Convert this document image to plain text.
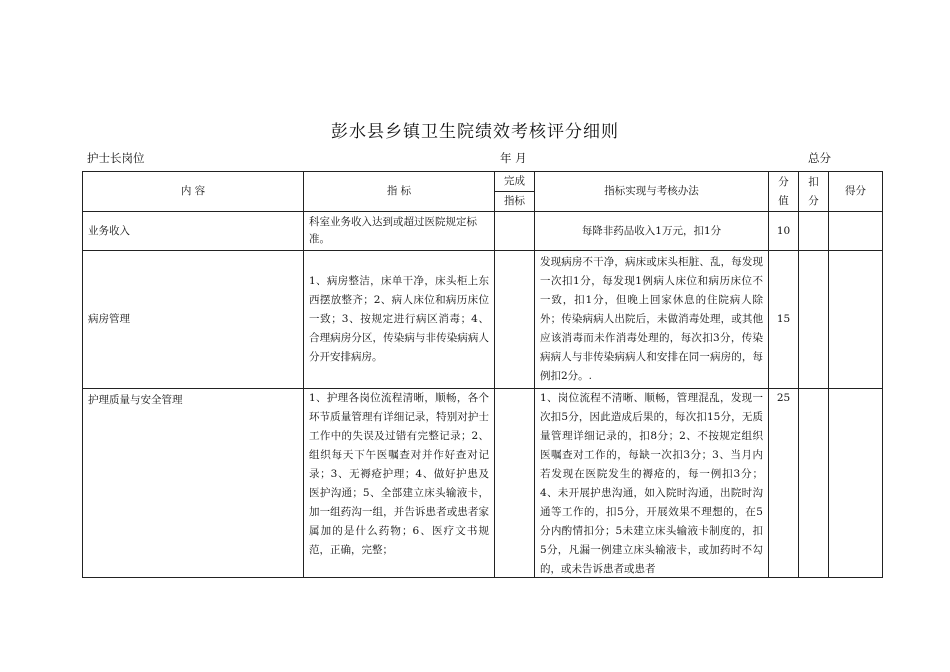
彭水县乡镇卫生院绩效考核评分细则
护士长岗位	年 月	总分
内 容	指 标	完成	指标实现与考核办法	分值	扣分	得分
		指标				
业务收入	科室业务收入达到或超过医院规定标准。		每降非药品收入1万元，扣1分	10		
病房管理	1、病房整洁，床单干净，床头柜上东西摆放整齐；2、病人床位和病历床位一致；3、按规定进行病区消毒；4、合理病房分区，传染病与非传染病病人分开安排病房。		发现病房不干净，病床或床头柜脏、乱，每发现一次扣1分，每发现1例病人床位和病历床位不一致，扣1分，但晚上回家休息的住院病人除外；传染病病人出院后，未做消毒处理，或其他应该消毒而未作消毒处理的，每次扣3分，传染病病人与非传染病病人和安排在同一病房的，每例扣2分。.	15		
护理质量与安全管理	1、护理各岗位流程清晰，顺畅，各个环节质量管理有详细记录，特别对护士工作中的失误及过错有完整记录；2、组织每天下午医嘱查对并作好查对记录；3、无褥疮护理；4、做好护患及医护沟通；5、全部建立床头输液卡，加一组药沟一组，并告诉患者或患者家属加的是什么药物；6、医疗文书规范，正确，完整；		1、岗位流程不清晰、顺畅，管理混乱，发现一次扣5分，因此造成后果的，每次扣15分，无质量管理详细记录的，扣8分；2、不按规定组织医嘱查对工作的，每缺一次扣3分；3、当月内若发现在医院发生的褥疮的，每一例扣3分；4、未开展护患沟通，如入院时沟通，出院时沟通等工作的，扣5分，开展效果不理想的，在5分内酌情扣分；5未建立床头输液卡制度的，扣5分，凡漏一例建立床头输液卡，或加药时不勾的，或未告诉患者或患者	25		
